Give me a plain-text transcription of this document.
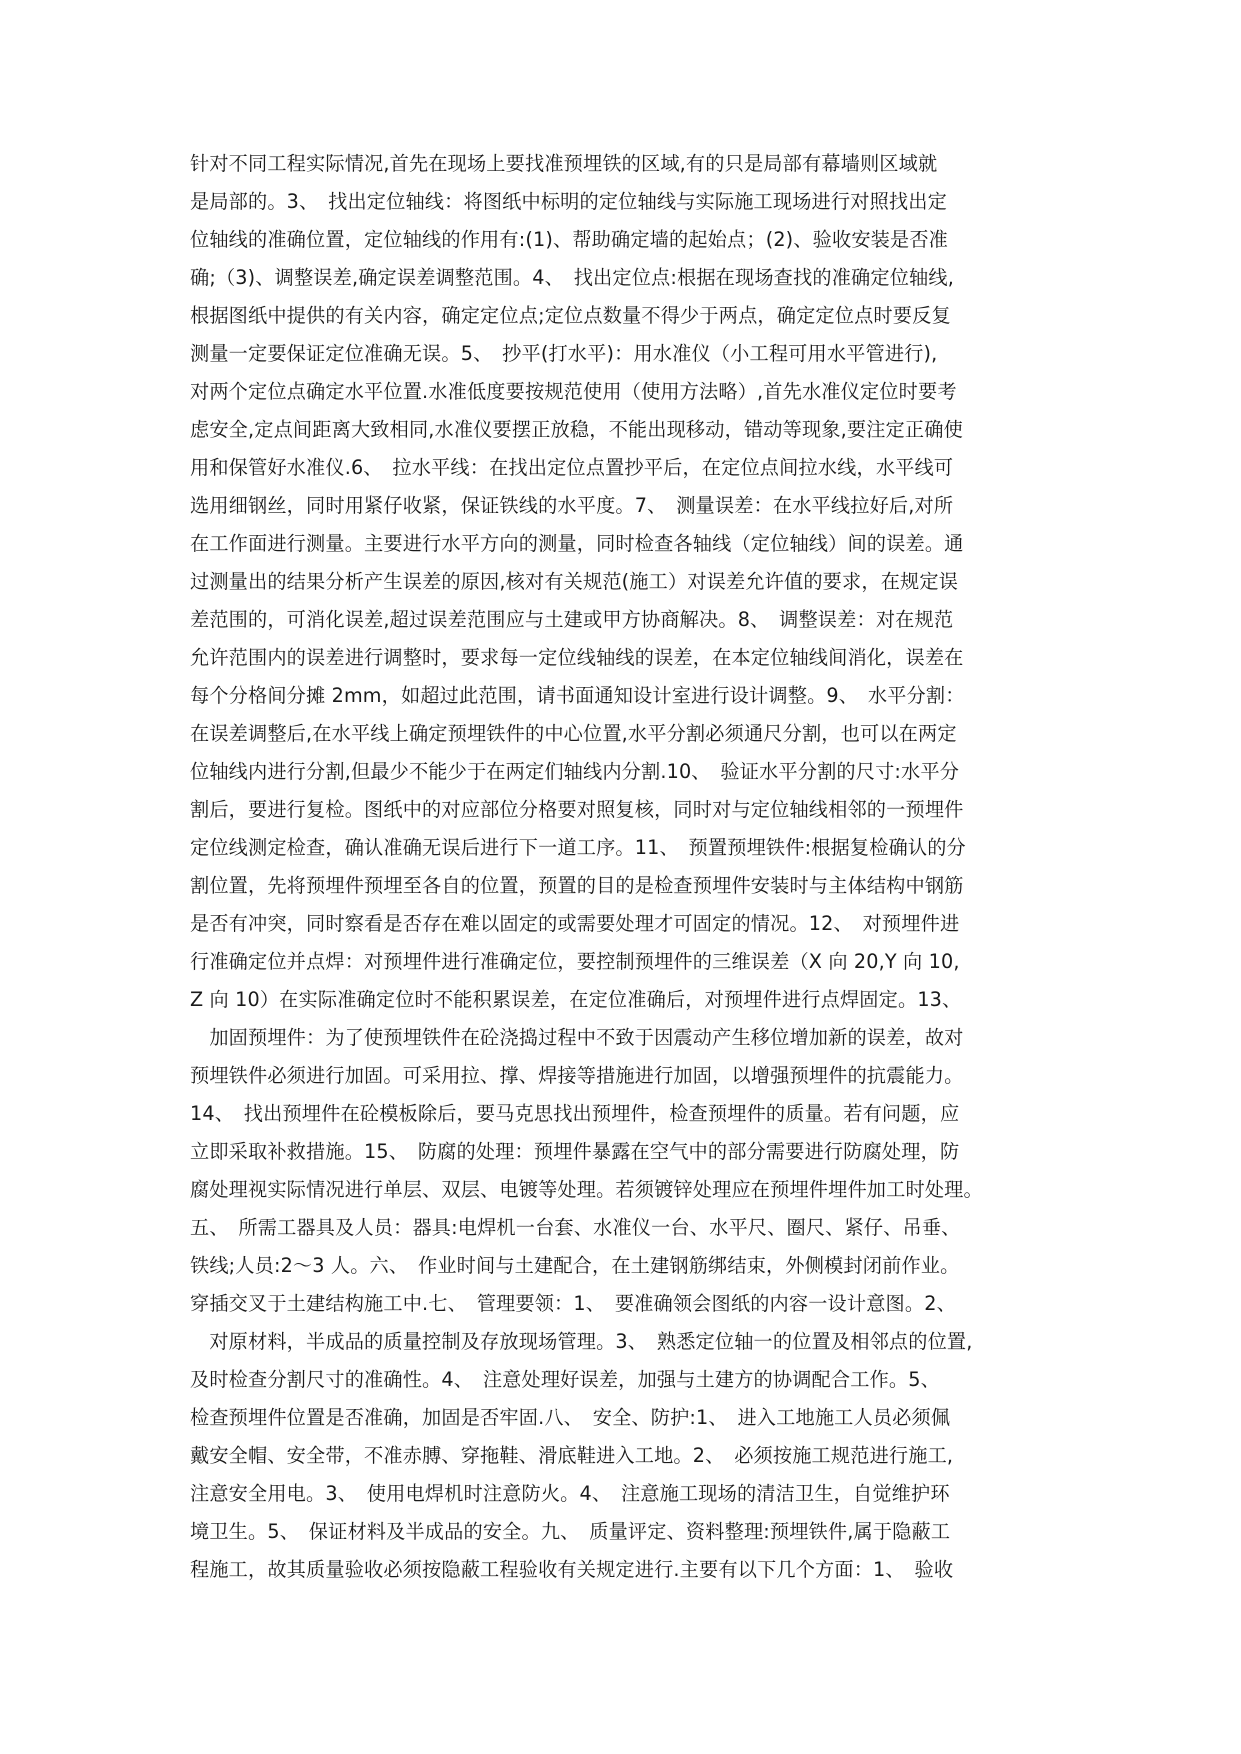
针对不同工程实际情况,首先在现场上要找准预埋铁的区域,有的只是局部有幕墙则区域就
是局部的。3、　找出定位轴线：将图纸中标明的定位轴线与实际施工现场进行对照找出定
位轴线的准确位置，定位轴线的作用有:(1)、帮助确定墙的起始点；(2)、验收安装是否准
确;（3)、调整误差,确定误差调整范围。4、　找出定位点:根据在现场查找的准确定位轴线,
根据图纸中提供的有关内容，确定定位点;定位点数量不得少于两点，确定定位点时要反复
测量一定要保证定位准确无误。5、　抄平(打水平)：用水准仪（小工程可用水平管进行),
对两个定位点确定水平位置.水准低度要按规范使用（使用方法略）,首先水准仪定位时要考
虑安全,定点间距离大致相同,水准仪要摆正放稳，不能出现移动，错动等现象,要注定正确使
用和保管好水准仪.6、　拉水平线：在找出定位点置抄平后，在定位点间拉水线，水平线可
选用细钢丝，同时用紧仔收紧，保证铁线的水平度。7、　测量误差：在水平线拉好后,对所
在工作面进行测量。主要进行水平方向的测量，同时检查各轴线（定位轴线）间的误差。通
过测量出的结果分析产生误差的原因,核对有关规范(施工）对误差允许值的要求，在规定误
差范围的，可消化误差,超过误差范围应与土建或甲方协商解决。8、　调整误差：对在规范
允许范围内的误差进行调整时，要求每一定位线轴线的误差，在本定位轴线间消化，误差在
每个分格间分摊 2mm，如超过此范围，请书面通知设计室进行设计调整。9、　水平分割：
在误差调整后,在水平线上确定预埋铁件的中心位置,水平分割必须通尺分割，也可以在两定
位轴线内进行分割,但最少不能少于在两定们轴线内分割.10、　验证水平分割的尺寸:水平分
割后，要进行复检。图纸中的对应部位分格要对照复核，同时对与定位轴线相邻的一预埋件
定位线测定检查，确认准确无误后进行下一道工序。11、　预置预埋铁件:根据复检确认的分
割位置，先将预埋件预埋至各自的位置，预置的目的是检查预埋件安装时与主体结构中钢筋
是否有冲突，同时察看是否存在难以固定的或需要处理才可固定的情况。12、　对预埋件进
行准确定位并点焊：对预埋件进行准确定位，要控制预埋件的三维误差（X 向 20,Y 向 10,
Z 向 10）在实际准确定位时不能积累误差，在定位准确后，对预埋件进行点焊固定。13、
　加固预埋件：为了使预埋铁件在砼浇捣过程中不致于因震动产生移位增加新的误差，故对
预埋铁件必须进行加固。可采用拉、撑、焊接等措施进行加固，以增强预埋件的抗震能力。
14、　找出预埋件在砼模板除后，要马克思找出预埋件，检查预埋件的质量。若有问题，应
立即采取补救措施。15、　防腐的处理：预埋件暴露在空气中的部分需要进行防腐处理，防
腐处理视实际情况进行单层、双层、电镀等处理。若须镀锌处理应在预埋件埋件加工时处理。
五、　所需工器具及人员：器具:电焊机一台套、水准仪一台、水平尺、圈尺、紧仔、吊垂、
铁线;人员:2～3 人。六、　作业时间与土建配合，在土建钢筋绑结束，外侧模封闭前作业。
穿插交叉于土建结构施工中.七、　管理要领：1、　要准确领会图纸的内容一设计意图。2、
　对原材料，半成品的质量控制及存放现场管理。3、　熟悉定位轴一的位置及相邻点的位置,
及时检查分割尺寸的准确性。4、　注意处理好误差，加强与土建方的协调配合工作。5、
检查预埋件位置是否准确，加固是否牢固.八、　安全、防护:1、　进入工地施工人员必须佩
戴安全帽、安全带，不准赤膊、穿拖鞋、滑底鞋进入工地。2、　必须按施工规范进行施工,
注意安全用电。3、　使用电焊机时注意防火。4、　注意施工现场的清洁卫生，自觉维护环
境卫生。5、　保证材料及半成品的安全。九、　质量评定、资料整理:预埋铁件,属于隐蔽工
程施工，故其质量验收必须按隐蔽工程验收有关规定进行.主要有以下几个方面：1、　验收
